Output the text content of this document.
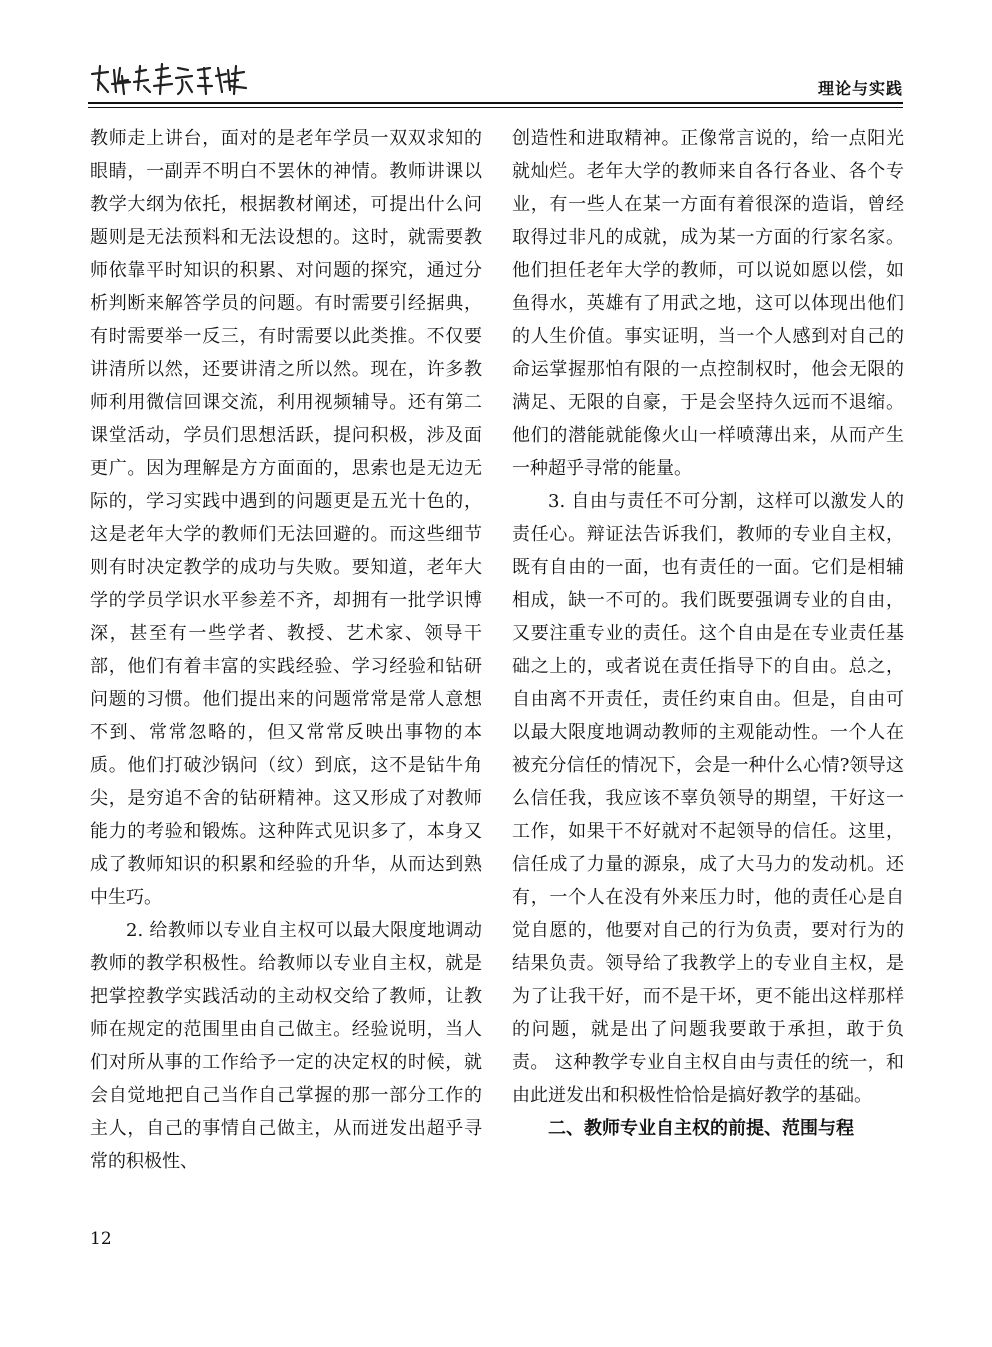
理论与实践

教师走上讲台，面对的是老年学员一双双求知的眼睛，一副弄不明白不罢休的神情。教师讲课以教学大纲为依托，根据教材阐述，可提出什么问题则是无法预料和无法设想的。这时，就需要教师依靠平时知识的积累、对问题的探究，通过分析判断来解答学员的问题。有时需要引经据典，有时需要举一反三，有时需要以此类推。不仅要讲清所以然，还要讲清之所以然。现在，许多教师利用微信回课交流，利用视频辅导。还有第二课堂活动，学员们思想活跃，提问积极，涉及面更广。因为理解是方方面面的，思索也是无边无际的，学习实践中遇到的问题更是五光十色的，这是老年大学的教师们无法回避的。而这些细节则有时决定教学的成功与失败。要知道，老年大学的学员学识水平参差不齐，却拥有一批学识博深，甚至有一些学者、教授、艺术家、领导干部，他们有着丰富的实践经验、学习经验和钻研问题的习惯。他们提出来的问题常常是常人意想不到、常常忽略的，但又常常反映出事物的本质。他们打破沙锅问（纹）到底，这不是钻牛角尖，是穷追不舍的钻研精神。这又形成了对教师能力的考验和锻炼。这种阵式见识多了，本身又成了教师知识的积累和经验的升华，从而达到熟中生巧。

2. 给教师以专业自主权可以最大限度地调动教师的教学积极性。给教师以专业自主权，就是把掌控教学实践活动的主动权交给了教师，让教师在规定的范围里由自己做主。经验说明，当人们对所从事的工作给予一定的决定权的时候，就会自觉地把自己当作自己掌握的那一部分工作的主人，自己的事情自己做主，从而迸发出超乎寻常的积极性、

创造性和进取精神。正像常言说的，给一点阳光就灿烂。老年大学的教师来自各行各业、各个专业，有一些人在某一方面有着很深的造诣，曾经取得过非凡的成就，成为某一方面的行家名家。他们担任老年大学的教师，可以说如愿以偿，如鱼得水，英雄有了用武之地，这可以体现出他们的人生价值。事实证明，当一个人感到对自己的命运掌握那怕有限的一点控制权时，他会无限的满足、无限的自豪，于是会坚持久远而不退缩。他们的潜能就能像火山一样喷薄出来，从而产生一种超乎寻常的能量。

3. 自由与责任不可分割，这样可以激发人的责任心。辩证法告诉我们，教师的专业自主权，既有自由的一面，也有责任的一面。它们是相辅相成，缺一不可的。我们既要强调专业的自由，又要注重专业的责任。这个自由是在专业责任基础之上的，或者说在责任指导下的自由。总之，自由离不开责任，责任约束自由。但是，自由可以最大限度地调动教师的主观能动性。一个人在被充分信任的情况下，会是一种什么心情?领导这么信任我，我应该不辜负领导的期望，干好这一工作，如果干不好就对不起领导的信任。这里，信任成了力量的源泉，成了大马力的发动机。还有，一个人在没有外来压力时，他的责任心是自觉自愿的，他要对自己的行为负责，要对行为的结果负责。领导给了我教学上的专业自主权，是为了让我干好，而不是干坏，更不能出这样那样的问题，就是出了问题我要敢于承担，敢于负责。 这种教学专业自主权自由与责任的统一，和由此迸发出和积极性恰恰是搞好教学的基础。

二、教师专业自主权的前提、范围与程
12
